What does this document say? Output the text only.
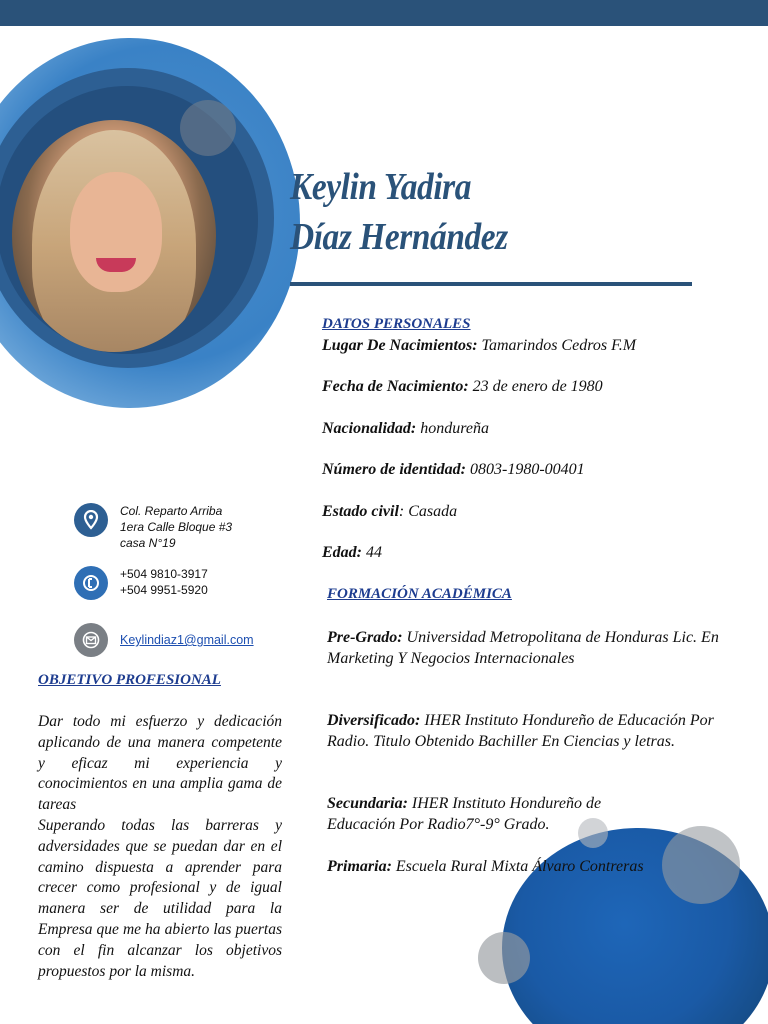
Keylin Yadira
Díaz Hernández
DATOS PERSONALES
Lugar De Nacimientos: Tamarindos Cedros F.M
Fecha de Nacimiento: 23 de enero de 1980
Nacionalidad: hondureña
Número de identidad: 0803-1980-00401
Estado civil: Casada
Edad: 44
Col. Reparto Arriba
1era Calle Bloque #3
casa N°19
+504 9810-3917
+504 9951-5920
Keylindiaz1@gmail.com
OBJETIVO PROFESIONAL

Dar todo mi esfuerzo y dedicación aplicando de una manera competente y eficaz mi experiencia y conocimientos en una amplia gama de tareas

Superando todas las barreras y adversidades que se puedan dar en el camino dispuesta a aprender para crecer como profesional y de igual manera ser de utilidad para la Empresa que me ha abierto las puertas con el fin alcanzar los objetivos propuestos por la misma.

FORMACIÓN ACADÉMICA
Pre-Grado: Universidad Metropolitana de Honduras Lic. En Marketing Y Negocios Internacionales
Diversificado: IHER Instituto Hondureño de Educación Por Radio. Titulo Obtenido Bachiller En Ciencias y letras.
Secundaria: IHER Instituto Hondureño de Educación Por Radio7°-9° Grado.
Primaria: Escuela Rural Mixta Álvaro Contreras
